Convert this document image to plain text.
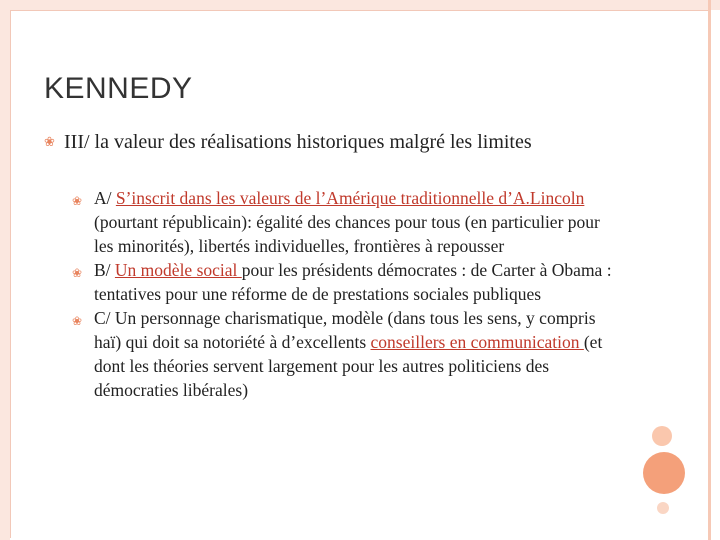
KENNEDY
❀ III/ la valeur des réalisations historiques malgré les limites
❀ A/ S’inscrit dans les valeurs de l’Amérique traditionnelle d’A.Lincoln (pourtant républicain): égalité des chances pour tous (en particulier pour les minorités), libertés individuelles, frontières à repousser
❀ B/ Un modèle social pour les présidents démocrates : de Carter à Obama : tentatives pour une réforme de de prestations sociales publiques
❀ C/ Un personnage charismatique, modèle (dans tous les sens, y compris haï) qui doit sa notoriété à d’excellents conseillers en communication (et dont les théories servent largement pour les autres politiciens des démocraties libérales)
